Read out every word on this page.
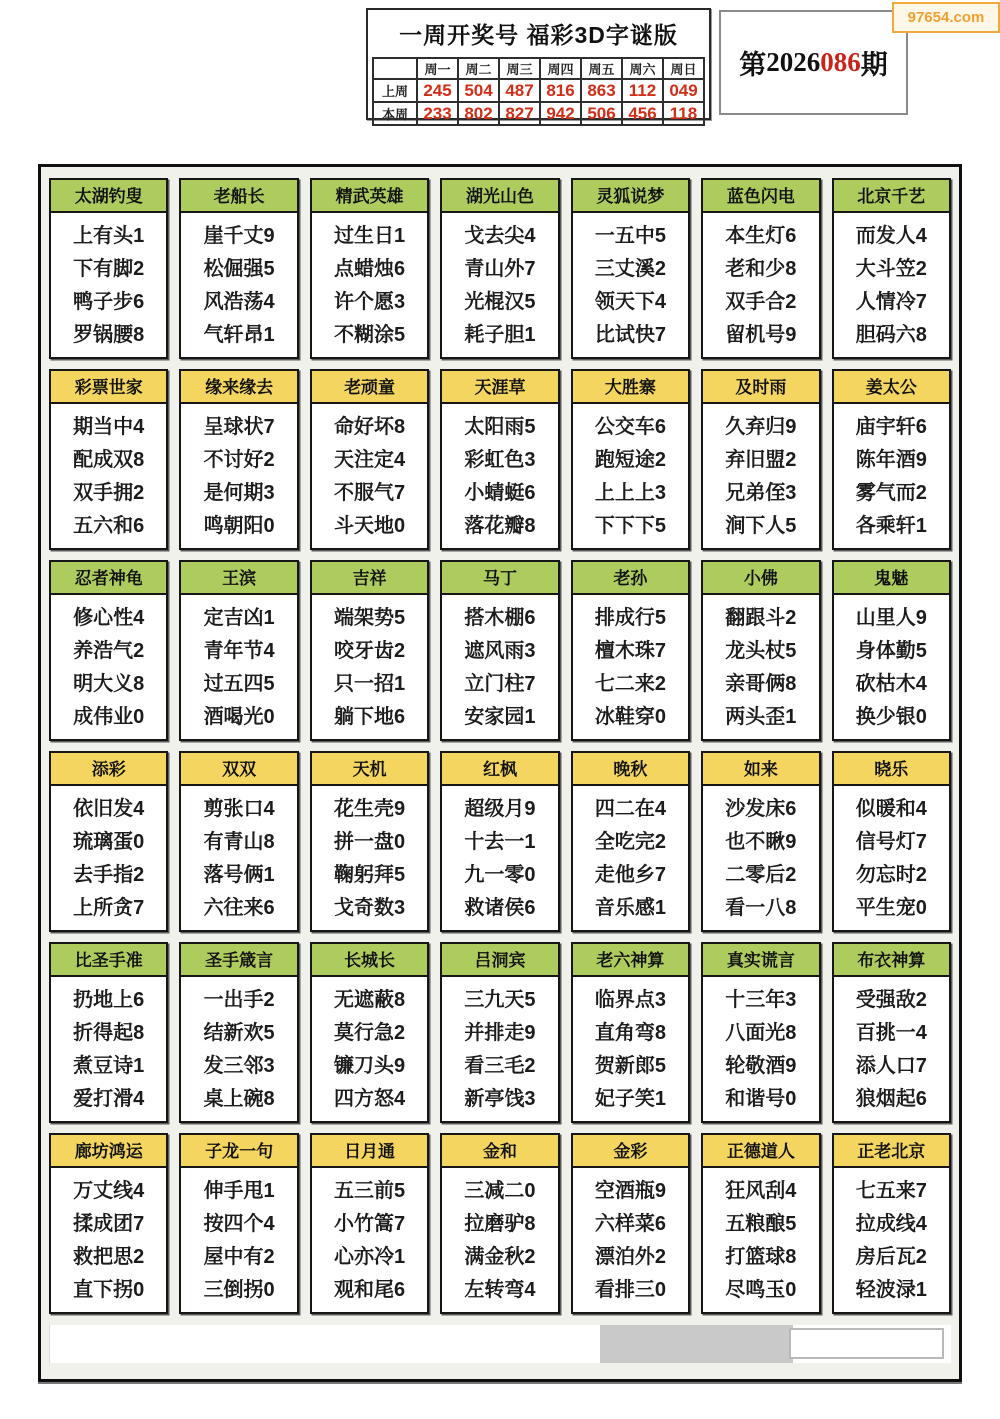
一周开奖号 福彩3D字谜版
	周一	周二	周三	周四	周五	周六	周日
上周	245	504	487	816	863	112	049
本周	233	802	827	942	506	456	118
第 2026 086 期
97654.com
太湖钓叟
上有头1
下有脚2
鸭子步6
罗锅腰8
老船长
崖千丈9
松倔强5
风浩荡4
气轩昂1
精武英雄
过生日1
点蜡烛6
许个愿3
不糊涂5
湖光山色
戈去尖4
青山外7
光棍汉5
耗子胆1
灵狐说梦
一五中5
三丈溪2
领天下4
比试快7
蓝色闪电
本生灯6
老和少8
双手合2
留机号9
北京千艺
而发人4
大斗笠2
人情冷7
胆码六8
彩票世家
期当中4
配成双8
双手拥2
五六和6
缘来缘去
呈球状7
不讨好2
是何期3
鸣朝阳0
老顽童
命好坏8
天注定4
不服气7
斗天地0
天涯草
太阳雨5
彩虹色3
小蜻蜓6
落花瓣8
大胜寨
公交车6
跑短途2
上上上3
下下下5
及时雨
久弃归9
弃旧盟2
兄弟侄3
涧下人5
姜太公
庙宇轩6
陈年酒9
雾气而2
各乘轩1
忍者神龟
修心性4
养浩气2
明大义8
成伟业0
王滨
定吉凶1
青年节4
过五四5
酒喝光0
吉祥
端架势5
咬牙齿2
只一招1
躺下地6
马丁
搭木棚6
遮风雨3
立门柱7
安家园1
老孙
排成行5
檀木珠7
七二来2
冰鞋穿0
小佛
翻跟斗2
龙头杖5
亲哥俩8
两头歪1
鬼魅
山里人9
身体勤5
砍枯木4
换少银0
添彩
依旧发4
琉璃蛋0
去手指2
上所贪7
双双
剪张口4
有青山8
落号俩1
六往来6
天机
花生壳9
拼一盘0
鞠躬拜5
戈奇数3
红枫
超级月9
十去一1
九一零0
救诸侯6
晚秋
四二在4
全吃完2
走他乡7
音乐感1
如来
沙发床6
也不瞅9
二零后2
看一八8
晓乐
似暖和4
信号灯7
勿忘时2
平生宠0
比圣手准
扔地上6
折得起8
煮豆诗1
爱打滑4
圣手箴言
一出手2
结新欢5
发三邻3
桌上碗8
长城长
无遮蔽8
莫行急2
镰刀头9
四方怒4
吕洞宾
三九天5
并排走9
看三毛2
新亭饯3
老六神算
临界点3
直角弯8
贺新郎5
妃子笑1
真实谎言
十三年3
八面光8
轮敬酒9
和谐号0
布衣神算
受强敌2
百挑一4
添人口7
狼烟起6
廊坊鸿运
万丈线4
揉成团7
救把思2
直下拐0
子龙一句
伸手甩1
按四个4
屋中有2
三倒拐0
日月通
五三前5
小竹篙7
心亦冷1
观和尾6
金和
三减二0
拉磨驴8
满金秋2
左转弯4
金彩
空酒瓶9
六样菜6
漂泊外2
看排三0
正德道人
狂风刮4
五粮酿5
打篮球8
尽鸣玉0
正老北京
七五来7
拉成线4
房后瓦2
轻波渌1
